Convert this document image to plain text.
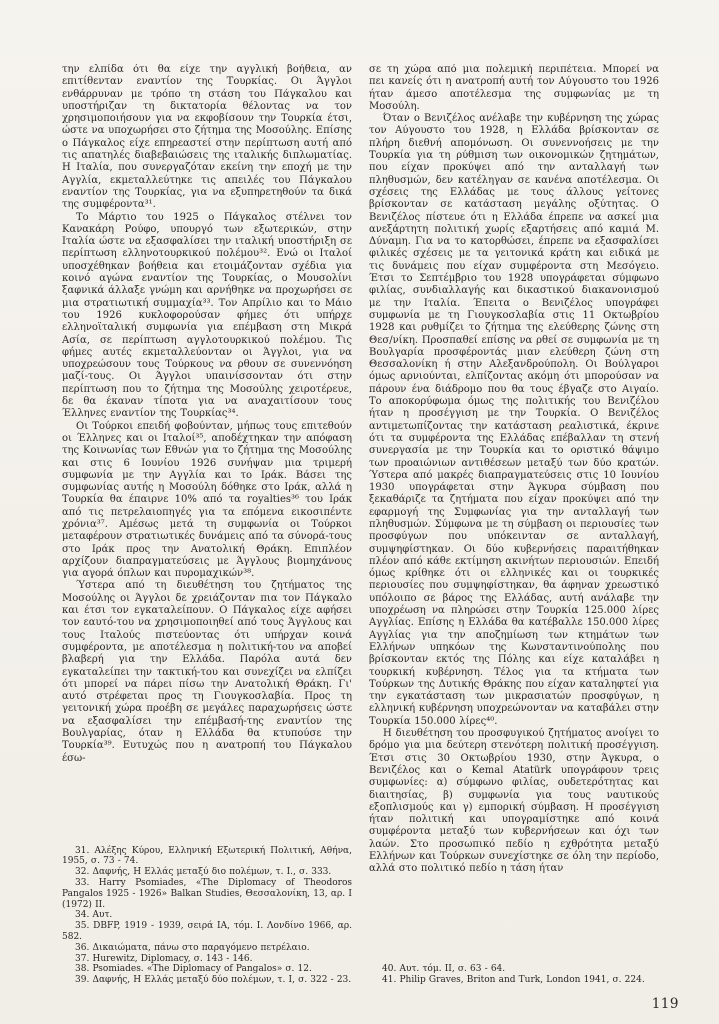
την ελπίδα ότι θα είχε την αγγλική βοήθεια, αν επιτίθενταν εναντίον της Τουρκίας. Οι Άγγλοι ενθάρρυναν με τρόπο τη στάση του Πάγκαλου και υποστήριζαν τη δικτατορία θέλοντας να τον χρησιμοποιήσουν για να εκφοβίσουν την Τουρκία έτσι, ώστε να υποχωρήσει στο ζήτημα της Μοσούλης. Επίσης ο Πάγκαλος είχε επηρεαστεί στην περίπτωση αυτή από τις απατηλές διαβεβαιώσεις της ιταλικής διπλωματίας. Η Ιταλία, που συνεργαζόταν εκείνη την εποχή με την Αγγλία, εκμεταλλεύτηκε τις απειλές του Πάγκαλου εναντίον της Τουρκίας, για να εξυπηρετηθούν τα δικά της συμφέροντα³¹.

Το Μάρτιο του 1925 ο Πάγκαλος στέλνει τον Κανακάρη Ρούφο, υπουργό των εξωτερικών, στην Ιταλία ώστε να εξασφαλίσει την ιταλική υποστήριξη σε περίπτωση ελληνοτουρκικού πολέμου³². Ενώ οι Ιταλοί υποσχέθηκαν βοήθεια και ετοιμάζονταν σχέδια για κοινό αγώνα εναντίον της Τουρκίας, ο Μουσολίνι ξαφνικά άλλαξε γνώμη και αρνήθηκε να προχωρήσει σε μια στρατιωτική συμμαχία³³. Τον Απρίλιο και το Μάιο του 1926 κυκλοφορούσαν φήμες ότι υπήρχε ελληνοϊταλική συμφωνία για επέμβαση στη Μικρά Ασία, σε περίπτωση αγγλοτουρκικού πολέμου. Τις φήμες αυτές εκμεταλλεύονταν οι Άγγλοι, για να υποχρεώσουν τους Τούρκους να ρθουν σε συνεννόηση μαζί-τους. Οι Άγγλοι υπαινίσσονταν ότι στην περίπτωση που το ζήτημα της Μοσούλης χειροτέρευε, δε θα έκαναν τίποτα για να αναχαιτίσουν τους Έλληνες εναντίον της Τουρκίας³⁴.

Οι Τούρκοι επειδή φοβούνταν, μήπως τους επιτεθούν οι Έλληνες και οι Ιταλοί³⁵, αποδέχτηκαν την απόφαση της Κοινωνίας των Εθνών για το ζήτημα της Μοσούλης και στις 6 Ιουνίου 1926 συνήψαν μια τριμερή συμφωνία με την Αγγλία και το Ιράκ. Βάσει της συμφωνίας αυτής η Μοσούλη δόθηκε στο Ιράκ, αλλά η Τουρκία θα έπαιρνε 10% από τα royalties³⁶ του Ιράκ από τις πετρελαιοπηγές για τα επόμενα εικοσιπέντε χρόνια³⁷. Αμέσως μετά τη συμφωνία οι Τούρκοι μεταφέρουν στρατιωτικές δυνάμεις από τα σύνορά-τους στο Ιράκ προς την Ανατολική Θράκη. Επιπλέον αρχίζουν διαπραγματεύσεις με Άγγλους βιομηχάνους για αγορά όπλων και πυρομαχικών³⁸.

Ύστερα από τη διευθέτηση του ζητήματος της Μοσούλης οι Άγγλοι δε χρειάζονταν πια τον Πάγκαλο και έτσι τον εγκαταλείπουν. Ο Πάγκαλος είχε αφήσει τον εαυτό-του να χρησιμοποιηθεί από τους Άγγλους και τους Ιταλούς πιστεύοντας ότι υπήρχαν κοινά συμφέροντα, με αποτέλεσμα η πολιτική-του να αποβεί βλαβερή για την Ελλάδα. Παρόλα αυτά δεν εγκαταλείπει την τακτική-του και συνεχίζει να ελπίζει ότι μπορεί να πάρει πίσω την Ανατολική Θράκη. Γι' αυτό στρέφεται προς τη Γιουγκοσλαβία. Προς τη γειτονική χώρα προέβη σε μεγάλες παραχωρήσεις ώστε να εξασφαλίσει την επέμβασή-της εναντίον της Βουλγαρίας, όταν η Ελλάδα θα κτυπούσε την Τουρκία³⁹. Ευτυχώς που η ανατροπή του Πάγκαλου έσω-

31. Αλέξης Κύρου, Ελληνική Εξωτερική Πολιτική, Αθήνα, 1955, σ. 73 - 74.

32. Δαφνής, Η Ελλάς μεταξύ διο πολέμων, τ. Ι., σ. 333.

33. Harry Psomiades, «The Diplomacy of Theodoros Pangalos 1925 - 1926» Balkan Studies, Θεσσαλονίκη, 13, αρ. Ι (1972) ΙΙ.

34. Αυτ.

35. DBFP, 1919 - 1939, σειρά ΙΑ, τόμ. Ι. Λονδίνο 1966, αρ. 582.

36. Δικαιώματα, πάνω στο παραγόμενο πετρέλαιο.

37. Hurewitz, Diplomacy, σ. 143 - 146.

38. Psomiades. «The Diplomacy of Pangalos» σ. 12.

39. Δαφνής, Η Ελλάς μεταξύ δύο πολέμων, τ. Ι, σ. 322 - 23.

σε τη χώρα από μια πολεμική περιπέτεια. Μπορεί να πει κανείς ότι η ανατροπή αυτή τον Αύγουστο του 1926 ήταν άμεσο αποτέλεσμα της συμφωνίας με τη Μοσούλη.

Όταν ο Βενιζέλος ανέλαβε την κυβέρνηση της χώρας τον Αύγουστο του 1928, η Ελλάδα βρίσκονταν σε πλήρη διεθνή απομόνωση. Οι συνεννοήσεις με την Τουρκία για τη ρύθμιση των οικονομικών ζητημάτων, που είχαν προκύψει από την ανταλλαγή των πληθυσμών, δεν κατέληγαν σε κανένα αποτέλεσμα. Οι σχέσεις της Ελλάδας με τους άλλους γείτονες βρίσκονταν σε κατάσταση μεγάλης οξύτητας. Ο Βενιζέλος πίστευε ότι η Ελλάδα έπρεπε να ασκεί μια ανεξάρτητη πολιτική χωρίς εξαρτήσεις από καμιά Μ. Δύναμη. Για να το κατορθώσει, έπρεπε να εξασφαλίσει φιλικές σχέσεις με τα γειτονικά κράτη και ειδικά με τις δυνάμεις που είχαν συμφέροντα στη Μεσόγειο. Έτσι το Σεπτέμβριο του 1928 υπογράφεται σύμφωνο φιλίας, συνδιαλλαγής και δικαστικού διακανονισμού με την Ιταλία. Έπειτα ο Βενιζέλος υπογράφει συμφωνία με τη Γιουγκοσλαβία στις 11 Οκτωβρίου 1928 και ρυθμίζει το ζήτημα της ελεύθερης ζώνης στη Θεσ/νίκη. Προσπαθεί επίσης να ρθεί σε συμφωνία με τη Βουλγαρία προσφέροντάς μιαν ελεύθερη ζώνη στη Θεσσαλονίκη ή στην Αλεξανδρούπολη. Οι Βούλγαροι όμως αρνιούνται, ελπίζοντας ακόμη ότι μπορούσαν να πάρουν ένα διάδρομο που θα τους έβγαζε στο Αιγαίο. Το αποκορύφωμα όμως της πολιτικής του Βενιζέλου ήταν η προσέγγιση με την Τουρκία. Ο Βενιζέλος αντιμετωπίζοντας την κατάσταση ρεαλιστικά, έκρινε ότι τα συμφέροντα της Ελλάδας επέβαλλαν τη στενή συνεργασία με την Τουρκία και το οριστικό θάψιμο των προαιώνιων αντιθέσεων μεταξύ των δύο κρατών. Ύστερα από μακρές διαπραγματεύσεις στις 10 Ιουνίου 1930 υπογράφεται στην Άγκυρα σύμβαση που ξεκαθάριζε τα ζητήματα που είχαν προκύψει από την εφαρμογή της Συμφωνίας για την ανταλλαγή των πληθυσμών. Σύμφωνα με τη σύμβαση οι περιουσίες των προσφύγων που υπόκεινταν σε ανταλλαγή, συμψηφίστηκαν. Οι δύο κυβερνήσεις παραιτήθηκαν πλέον από κάθε εκτίμηση ακινήτων περιουσιών. Επειδή όμως κρίθηκε ότι οι ελληνικές και οι τουρκικές περιουσίες που συμψηφίστηκαν, θα άφηναν χρεωστικό υπόλοιπο σε βάρος της Ελλάδας, αυτή ανάλαβε την υποχρέωση να πληρώσει στην Τουρκία 125.000 λίρες Αγγλίας. Επίσης η Ελλάδα θα κατέβαλλε 150.000 λίρες Αγγλίας για την αποζημίωση των κτημάτων των Ελλήνων υπηκόων της Κωνσταντινούπολης που βρίσκονταν εκτός της Πόλης και είχε καταλάβει η τουρκική κυβέρνηση. Τέλος για τα κτήματα των Τούρκων της Δυτικής Θράκης που είχαν καταληφτεί για την εγκατάσταση των μικρασιατών προσφύγων, η ελληνική κυβέρνηση υποχρεώνονταν να καταβάλει στην Τουρκία 150.000 λίρες⁴⁰.

Η διευθέτηση του προσφυγικού ζητήματος ανοίγει το δρόμο για μια δεύτερη στενότερη πολιτική προσέγγιση. Έτσι στις 30 Οκτωβρίου 1930, στην Άγκυρα, ο Βενιζέλος και ο Kemal Atatürk υπογράφουν τρεις συμφωνίες: α) σύμφωνο φιλίας, ουδετερότητας και διαιτησίας, β) συμφωνία για τους ναυτικούς εξοπλισμούς και γ) εμπορική σύμβαση. Η προσέγγιση ήταν πολιτική και υπογραμίστηκε από κοινά συμφέροντα μεταξύ των κυβερνήσεων και όχι των λαών. Στο προσωπικό πεδίο η εχθρότητα μεταξύ Ελλήνων και Τούρκων συνεχίστηκε σε όλη την περίοδο, αλλά στο πολιτικό πεδίο η τάση ήταν

40. Αυτ. τόμ. ΙΙ, σ. 63 - 64.

41. Philip Graves, Briton and Turk, London 1941, σ. 224.

119
